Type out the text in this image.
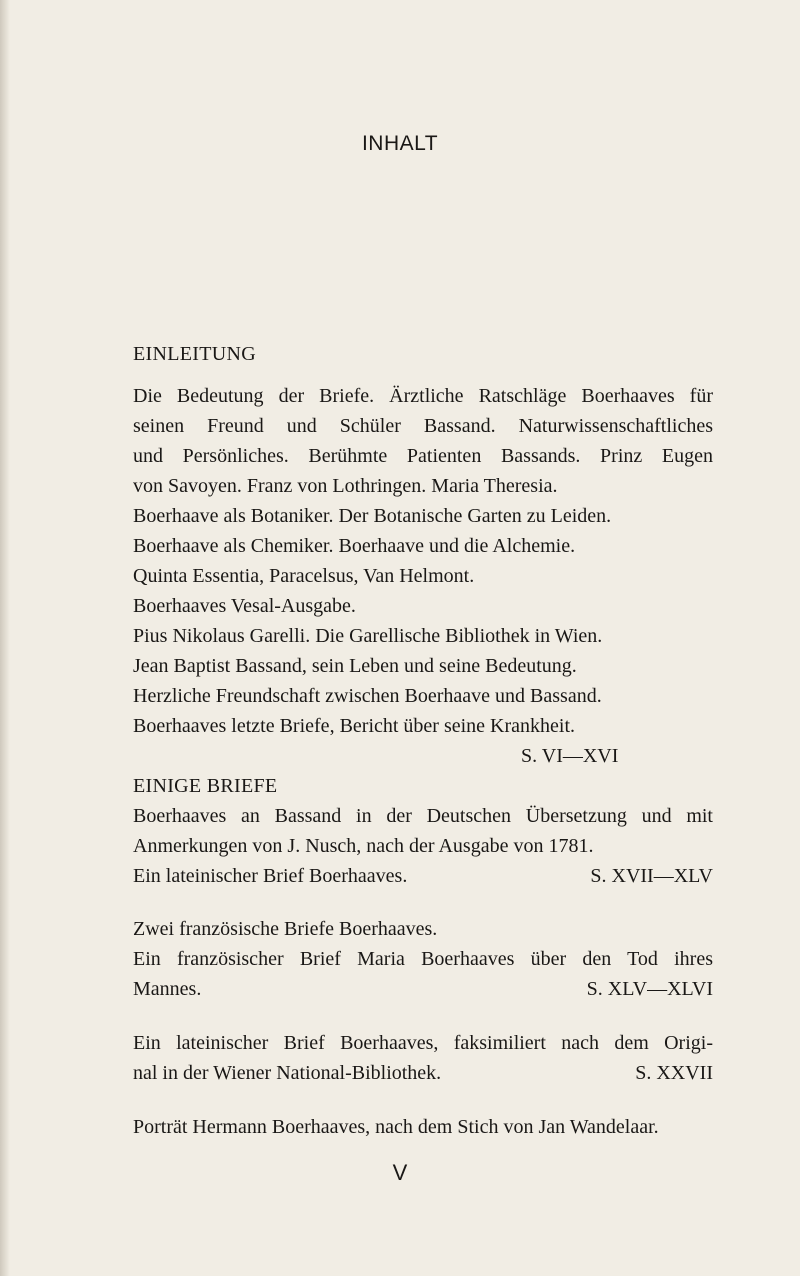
INHALT
EINLEITUNG
Die Bedeutung der Briefe. Ärztliche Ratschläge Boerhaaves für
seinen Freund und Schüler Bassand. Naturwissenschaftliches
und Persönliches. Berühmte Patienten Bassands. Prinz Eugen
von Savoyen. Franz von Lothringen. Maria Theresia.
Boerhaave als Botaniker. Der Botanische Garten zu Leiden.
Boerhaave als Chemiker. Boerhaave und die Alchemie.
Quinta Essentia, Paracelsus, Van Helmont.
Boerhaaves Vesal-Ausgabe.
Pius Nikolaus Garelli. Die Garellische Bibliothek in Wien.
Jean Baptist Bassand, sein Leben und seine Bedeutung.
Herzliche Freundschaft zwischen Boerhaave und Bassand.
Boerhaaves letzte Briefe, Bericht über seine Krankheit.
S. VI—XVI
EINIGE BRIEFE
Boerhaaves an Bassand in der Deutschen Übersetzung und mit
Anmerkungen von J. Nusch, nach der Ausgabe von 1781.
Ein lateinischer Brief Boerhaaves.	S. XVII—XLV
Zwei französische Briefe Boerhaaves.
Ein französischer Brief Maria Boerhaaves über den Tod ihres
Mannes.	S. XLV—XLVI
Ein lateinischer Brief Boerhaaves, faksimiliert nach dem Origi-
nal in der Wiener National-Bibliothek.	S. XXVII
Porträt Hermann Boerhaaves, nach dem Stich von Jan Wandelaar.
V
